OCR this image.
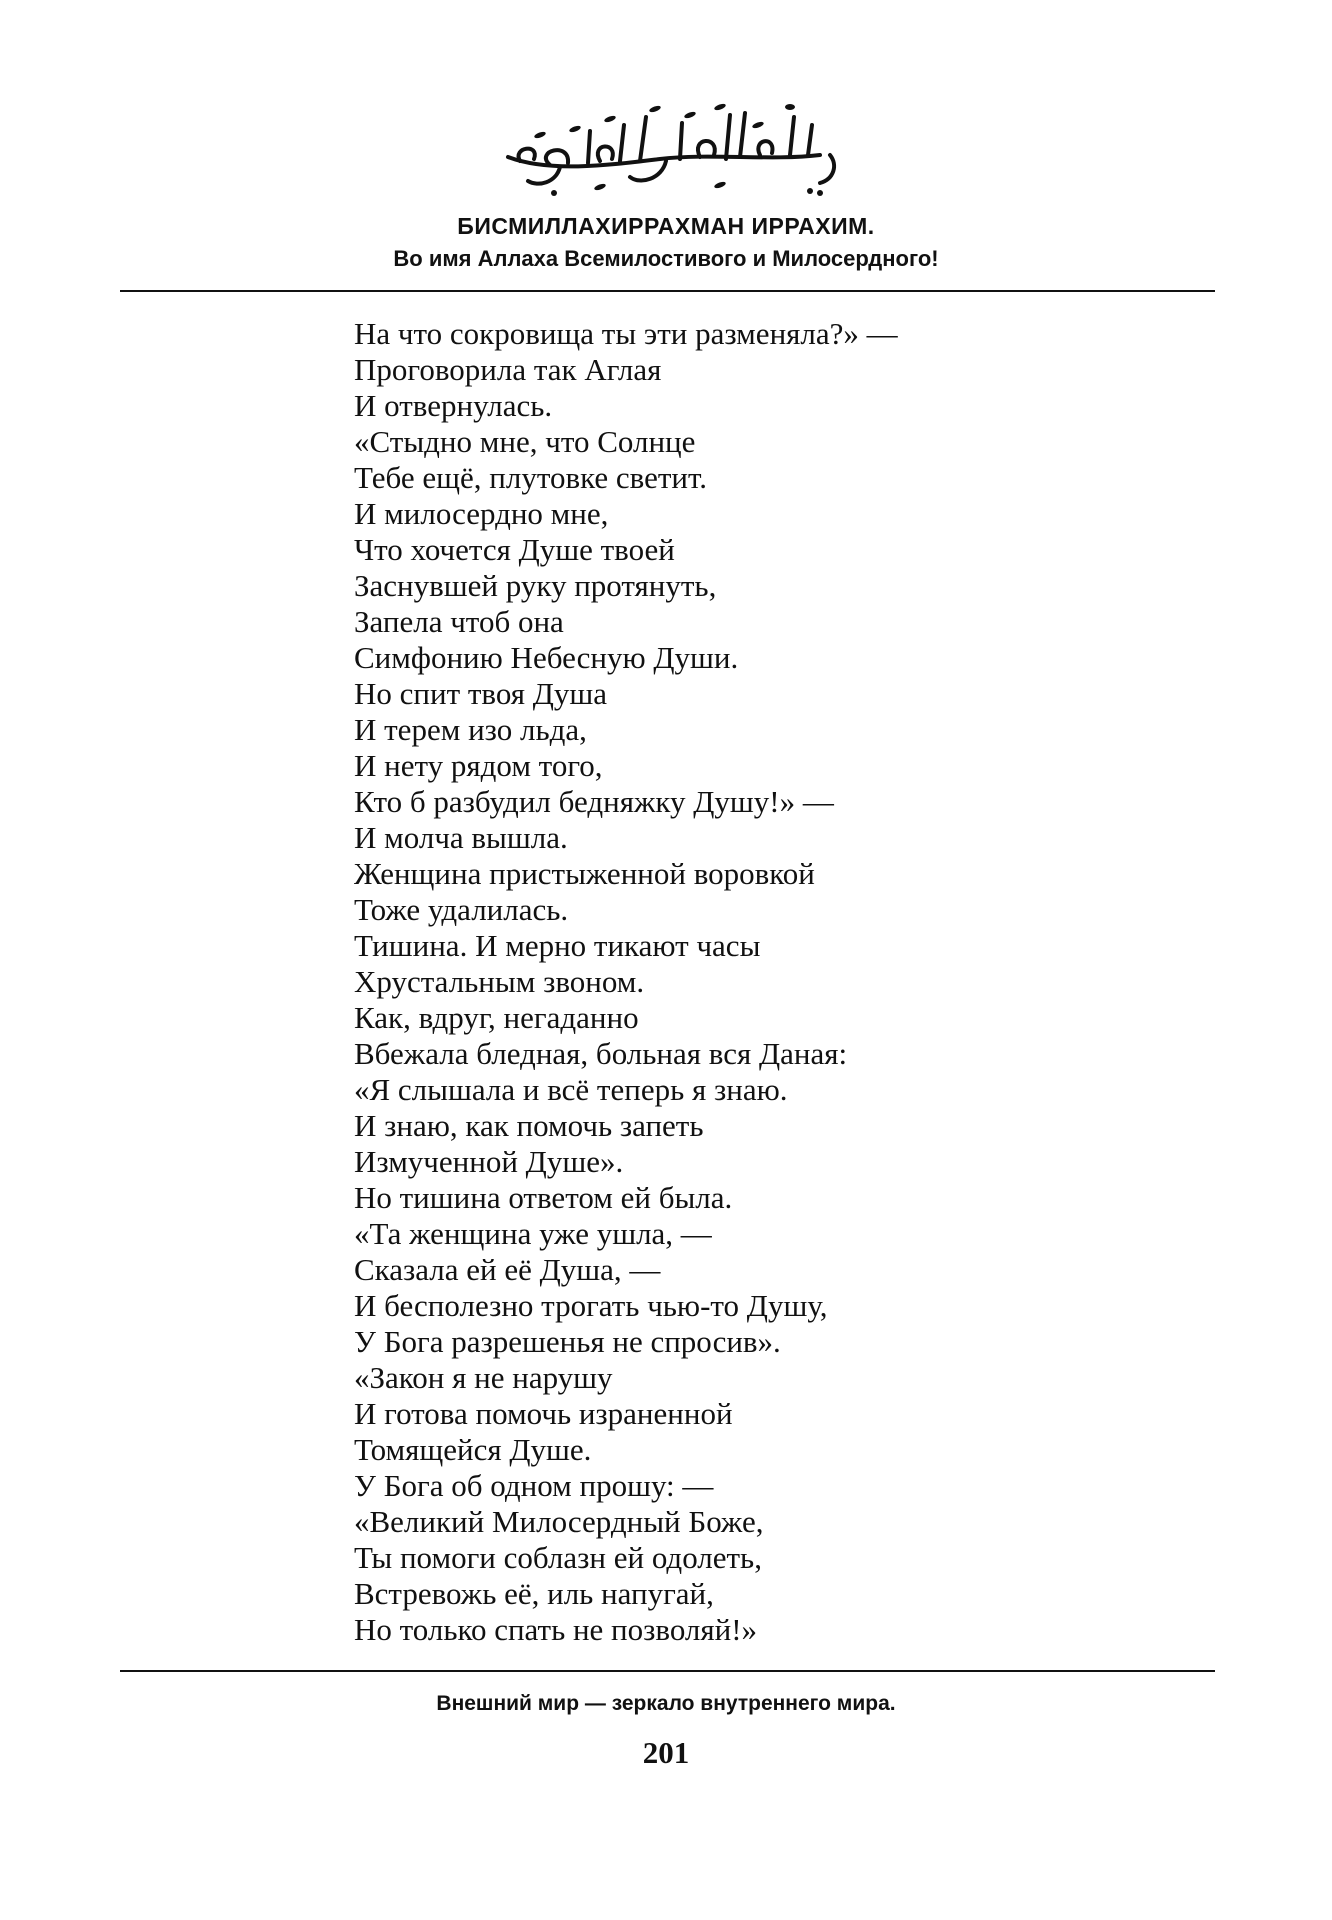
БИСМИЛЛАХИРРАХМАН ИРРАХИМ.
Во имя Аллаха Всемилостивого и Милосердного!
На что сокровища ты эти разменяла?» —
Проговорила так Аглая
И отвернулась.
«Стыдно мне, что Солнце
Тебе ещё, плутовке светит.
И милосердно мне,
Что хочется Душе твоей
Заснувшей руку протянуть,
Запела чтоб она
Симфонию Небесную Души.
Но спит твоя Душа
И терем изо льда,
И нету рядом того,
Кто б разбудил бедняжку Душу!» —
И молча вышла.
Женщина пристыженной воровкой
Тоже удалилась.
Тишина. И мерно тикают часы
Хрустальным звоном.
Как, вдруг, негаданно
Вбежала бледная, больная вся Даная:
«Я слышала и всё теперь я знаю.
И знаю, как помочь запеть
Измученной Душе».
Но тишина ответом ей была.
«Та женщина уже ушла, —
Сказала ей её Душа, —
И бесполезно трогать чью-то Душу,
У Бога разрешенья не спросив».
«Закон я не нарушу
И готова помочь израненной
Томящейся Душе.
У Бога об одном прошу: —
«Великий Милосердный Боже,
Ты помоги соблазн ей одолеть,
Встревожь её, иль напугай,
Но только спать не позволяй!»
Внешний мир — зеркало внутреннего мира.
201
